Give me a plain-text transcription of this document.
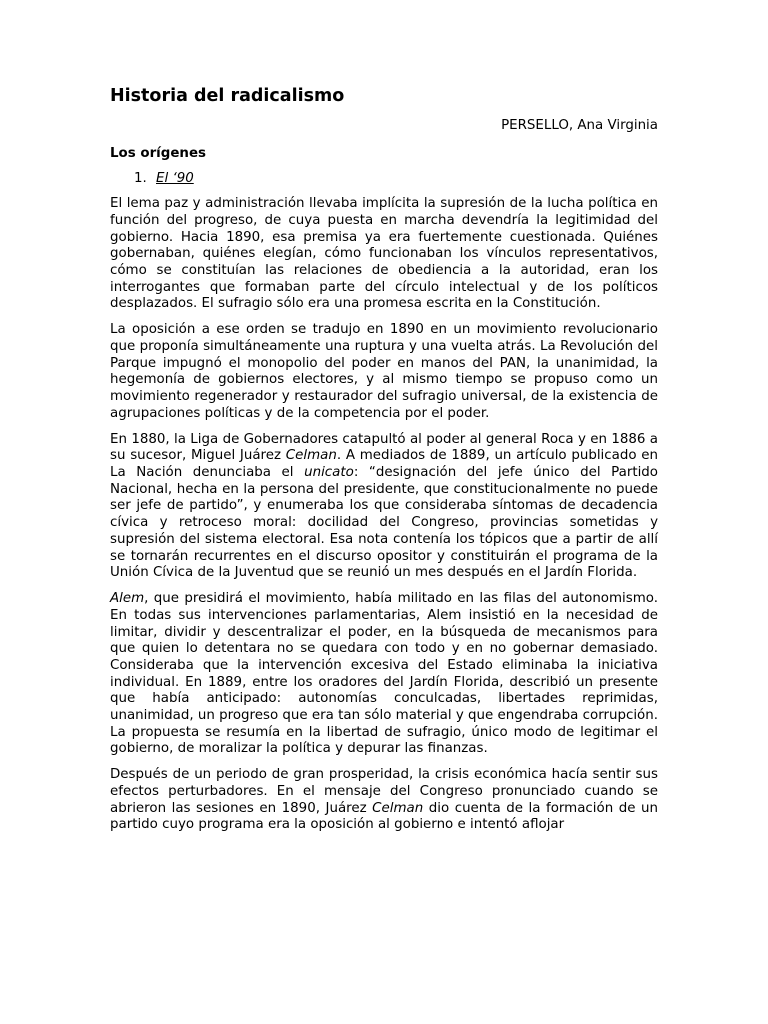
Historia del radicalismo
PERSELLO, Ana Virginia
Los orígenes
1. El ‘90

El lema paz y administración llevaba implícita la supresión de la lucha política en función del progreso, de cuya puesta en marcha devendría la legitimidad del gobierno. Hacia 1890, esa premisa ya era fuertemente cuestionada. Quiénes gobernaban, quiénes elegían, cómo funcionaban los vínculos representativos, cómo se constituían las relaciones de obediencia a la autoridad, eran los interrogantes que formaban parte del círculo intelectual y de los políticos desplazados. El sufragio sólo era una promesa escrita en la Constitución.

La oposición a ese orden se tradujo en 1890 en un movimiento revolucionario que proponía simultáneamente una ruptura y una vuelta atrás. La Revolución del Parque impugnó el monopolio del poder en manos del PAN, la unanimidad, la hegemonía de gobiernos electores, y al mismo tiempo se propuso como un movimiento regenerador y restaurador del sufragio universal, de la existencia de agrupaciones políticas y de la competencia por el poder.

En 1880, la Liga de Gobernadores catapultó al poder al general Roca y en 1886 a su sucesor, Miguel Juárez Celman. A mediados de 1889, un artículo publicado en La Nación denunciaba el unicato: “designación del jefe único del Partido Nacional, hecha en la persona del presidente, que constitucionalmente no puede ser jefe de partido”, y enumeraba los que consideraba síntomas de decadencia cívica y retroceso moral: docilidad del Congreso, provincias sometidas y supresión del sistema electoral. Esa nota contenía los tópicos que a partir de allí se tornarán recurrentes en el discurso opositor y constituirán el programa de la Unión Cívica de la Juventud que se reunió un mes después en el Jardín Florida.

Alem, que presidirá el movimiento, había militado en las filas del autonomismo. En todas sus intervenciones parlamentarias, Alem insistió en la necesidad de limitar, dividir y descentralizar el poder, en la búsqueda de mecanismos para que quien lo detentara no se quedara con todo y en no gobernar demasiado. Consideraba que la intervención excesiva del Estado eliminaba la iniciativa individual. En 1889, entre los oradores del Jardín Florida, describió un presente que había anticipado: autonomías conculcadas, libertades reprimidas, unanimidad, un progreso que era tan sólo material y que engendraba corrupción. La propuesta se resumía en la libertad de sufragio, único modo de legitimar el gobierno, de moralizar la política y depurar las finanzas.

Después de un periodo de gran prosperidad, la crisis económica hacía sentir sus efectos perturbadores. En el mensaje del Congreso pronunciado cuando se abrieron las sesiones en 1890, Juárez Celman dio cuenta de la formación de un partido cuyo programa era la oposición al gobierno e intentó aflojar
